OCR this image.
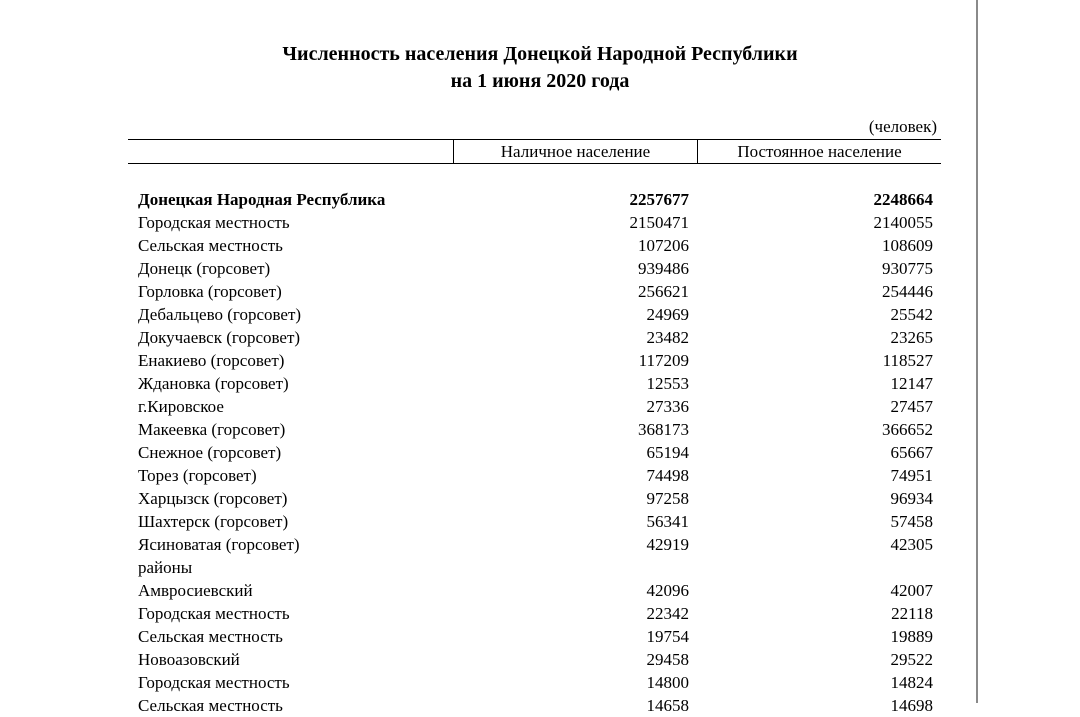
Численность населения Донецкой Народной Республики
на 1 июня 2020 года
(человек)
Наличное население	Постоянное население
Донецкая Народная Республика	2257677	2248664
Городская местность	2150471	2140055
Сельская местность	107206	108609
Донецк (горсовет)	939486	930775
Горловка (горсовет)	256621	254446
Дебальцево (горсовет)	24969	25542
Докучаевск (горсовет)	23482	23265
Енакиево (горсовет)	117209	118527
Ждановка (горсовет)	12553	12147
г.Кировское	27336	27457
Макеевка (горсовет)	368173	366652
Снежное (горсовет)	65194	65667
Торез (горсовет)	74498	74951
Харцызск (горсовет)	97258	96934
Шахтерск (горсовет)	56341	57458
Ясиноватая (горсовет)	42919	42305
районы
Амвросиевский	42096	42007
Городская местность	22342	22118
Сельская местность	19754	19889
Новоазовский	29458	29522
Городская местность	14800	14824
Сельская местность	14658	14698
